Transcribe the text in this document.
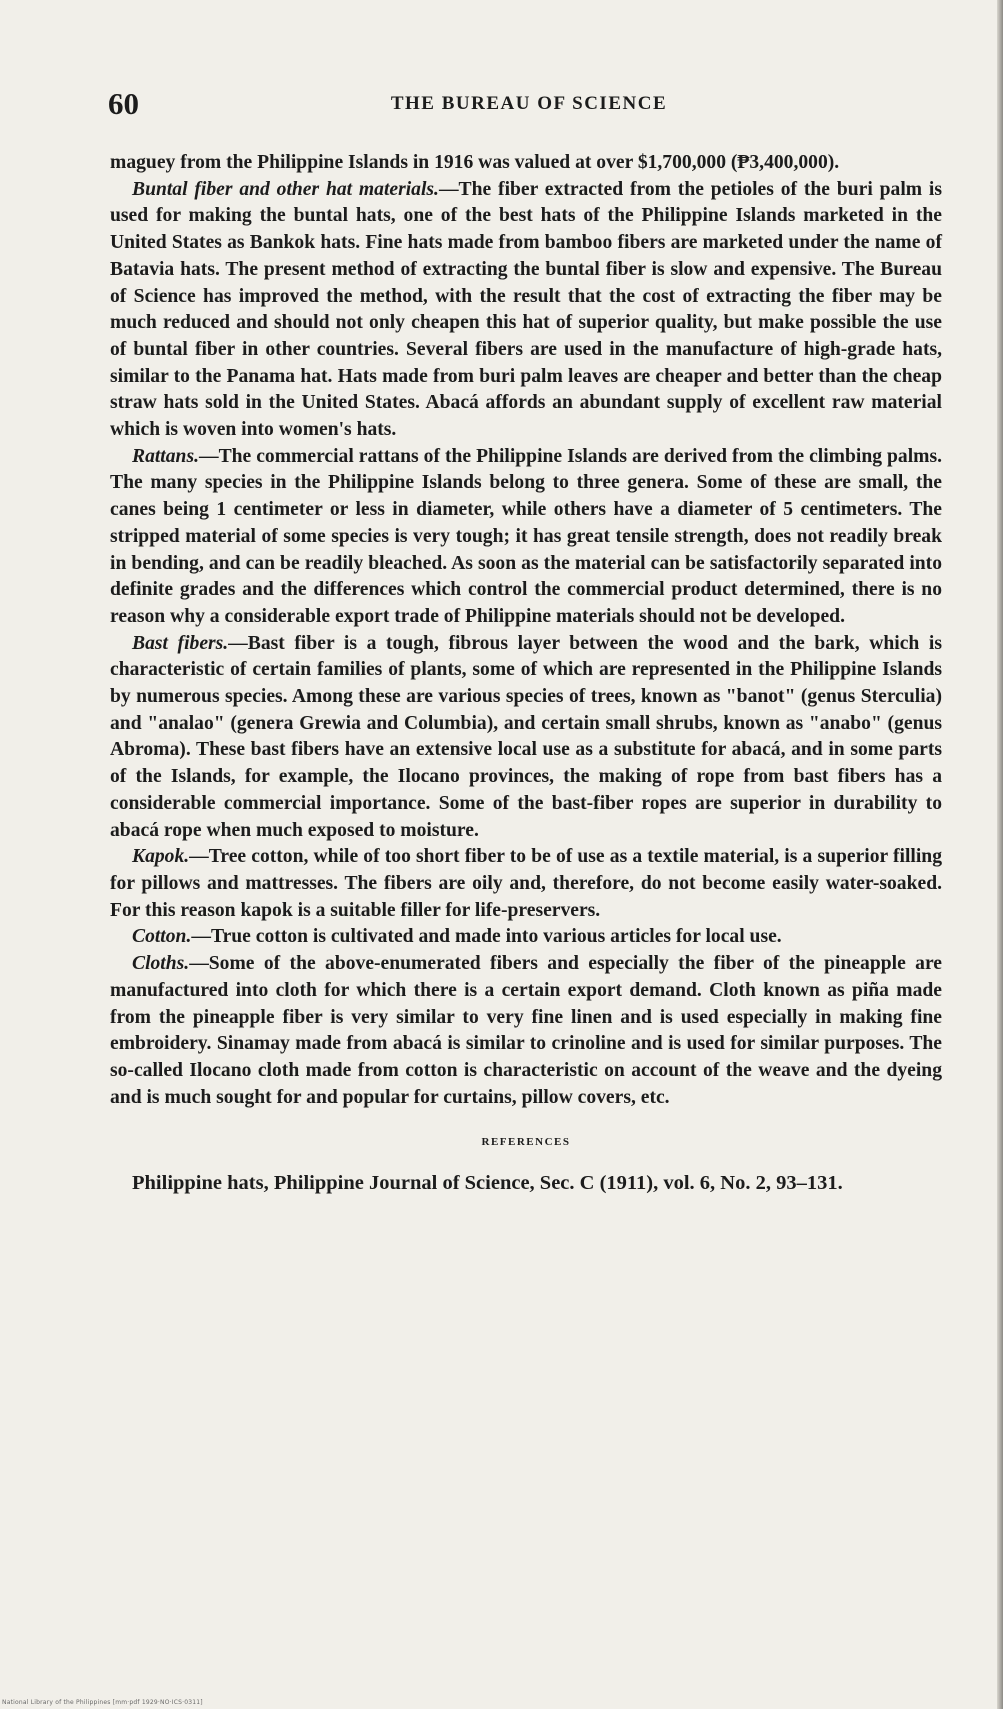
60	THE BUREAU OF SCIENCE

maguey from the Philippine Islands in 1916 was valued at over $1,700,000 (₱3,400,000).

Buntal fiber and other hat materials.—The fiber extracted from the petioles of the buri palm is used for making the buntal hats, one of the best hats of the Philippine Islands marketed in the United States as Bankok hats. Fine hats made from bamboo fibers are marketed under the name of Batavia hats. The present method of extracting the buntal fiber is slow and expensive. The Bureau of Science has improved the method, with the result that the cost of extracting the fiber may be much reduced and should not only cheapen this hat of superior quality, but make possible the use of buntal fiber in other countries. Several fibers are used in the manufacture of high-grade hats, similar to the Panama hat. Hats made from buri palm leaves are cheaper and better than the cheap straw hats sold in the United States. Abacá affords an abundant supply of excellent raw material which is woven into women's hats.

Rattans.—The commercial rattans of the Philippine Islands are derived from the climbing palms. The many species in the Philippine Islands belong to three genera. Some of these are small, the canes being 1 centimeter or less in diameter, while others have a diameter of 5 centimeters. The stripped material of some species is very tough; it has great tensile strength, does not readily break in bending, and can be readily bleached. As soon as the material can be satisfactorily separated into definite grades and the differences which control the commercial product determined, there is no reason why a considerable export trade of Philippine materials should not be developed.

Bast fibers.—Bast fiber is a tough, fibrous layer between the wood and the bark, which is characteristic of certain families of plants, some of which are represented in the Philippine Islands by numerous species. Among these are various species of trees, known as "banot" (genus Sterculia) and "analao" (genera Grewia and Columbia), and certain small shrubs, known as "anabo" (genus Abroma). These bast fibers have an extensive local use as a substitute for abacá, and in some parts of the Islands, for example, the Ilocano provinces, the making of rope from bast fibers has a considerable commercial importance. Some of the bast-fiber ropes are superior in durability to abacá rope when much exposed to moisture.

Kapok.—Tree cotton, while of too short fiber to be of use as a textile material, is a superior filling for pillows and mattresses. The fibers are oily and, therefore, do not become easily water-soaked. For this reason kapok is a suitable filler for life-preservers.

Cotton.—True cotton is cultivated and made into various articles for local use.

Cloths.—Some of the above-enumerated fibers and especially the fiber of the pineapple are manufactured into cloth for which there is a certain export demand. Cloth known as piña made from the pineapple fiber is very similar to very fine linen and is used especially in making fine embroidery. Sinamay made from abacá is similar to crinoline and is used for similar purposes. The so-called Ilocano cloth made from cotton is characteristic on account of the weave and the dyeing and is much sought for and popular for curtains, pillow covers, etc.

REFERENCES

Philippine hats, Philippine Journal of Science, Sec. C (1911), vol. 6, No. 2, 93–131.

National Library of the Philippines [mm·pdf 1929·NO·ICS·0311]
